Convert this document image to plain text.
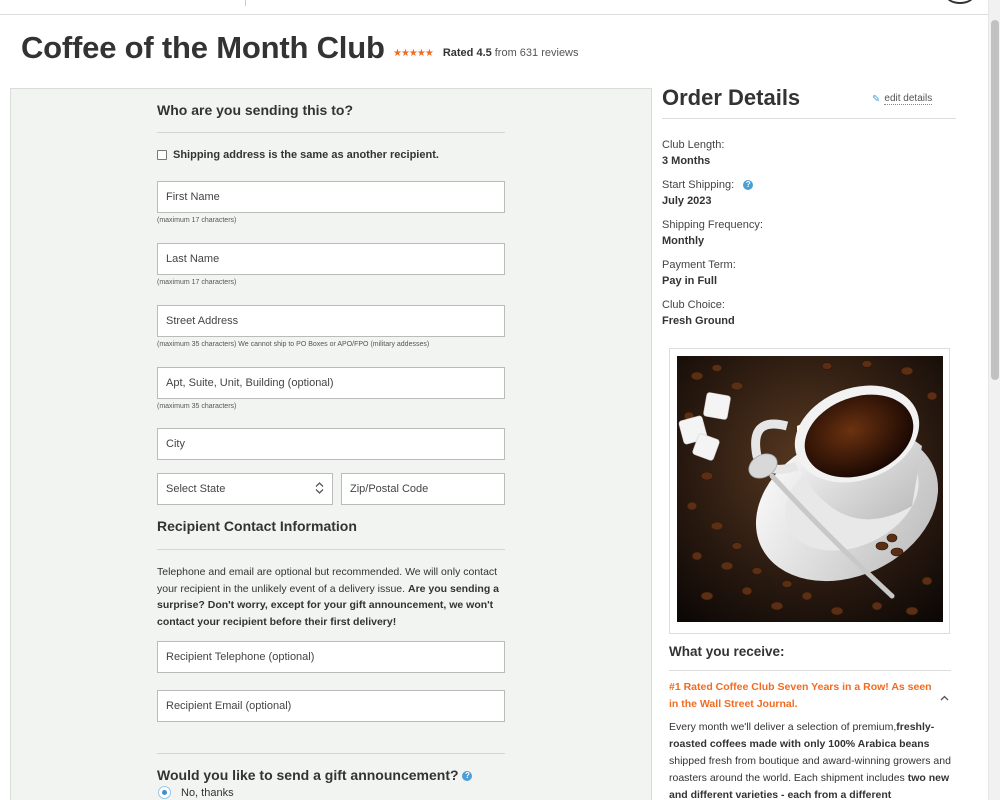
Coffee of the Month Club ★★★★★ Rated 4.5 from 631 reviews
Who are you sending this to?
Shipping address is the same as another recipient.
First Name
(maximum 17 characters)
Last Name
(maximum 17 characters)
Street Address
(maximum 35 characters) We cannot ship to PO Boxes or APO/FPO (military addesses)
Apt, Suite, Unit, Building (optional)
(maximum 35 characters)
City
Select State	Zip/Postal Code
Recipient Contact Information
Telephone and email are optional but recommended. We will only contact your recipient in the unlikely event of a delivery issue. Are you sending a surprise? Don't worry, except for your gift announcement, we won't contact your recipient before their first delivery!
Recipient Telephone (optional)
Recipient Email (optional)
Would you like to send a gift announcement? ?
No, thanks
Order Details	✎ edit details
Club Length:
3 Months
Start Shipping: ?
July 2023
Shipping Frequency:
Monthly
Payment Term:
Pay in Full
Club Choice:
Fresh Ground
What you receive:
#1 Rated Coffee Club Seven Years in a Row! As seen in the Wall Street Journal.
Every month we'll deliver a selection of premium,freshly-roasted coffees made with only 100% Arabica beans shipped fresh from boutique and award-winning growers and roasters around the world. Each shipment includes two new and different varieties - each from a different
